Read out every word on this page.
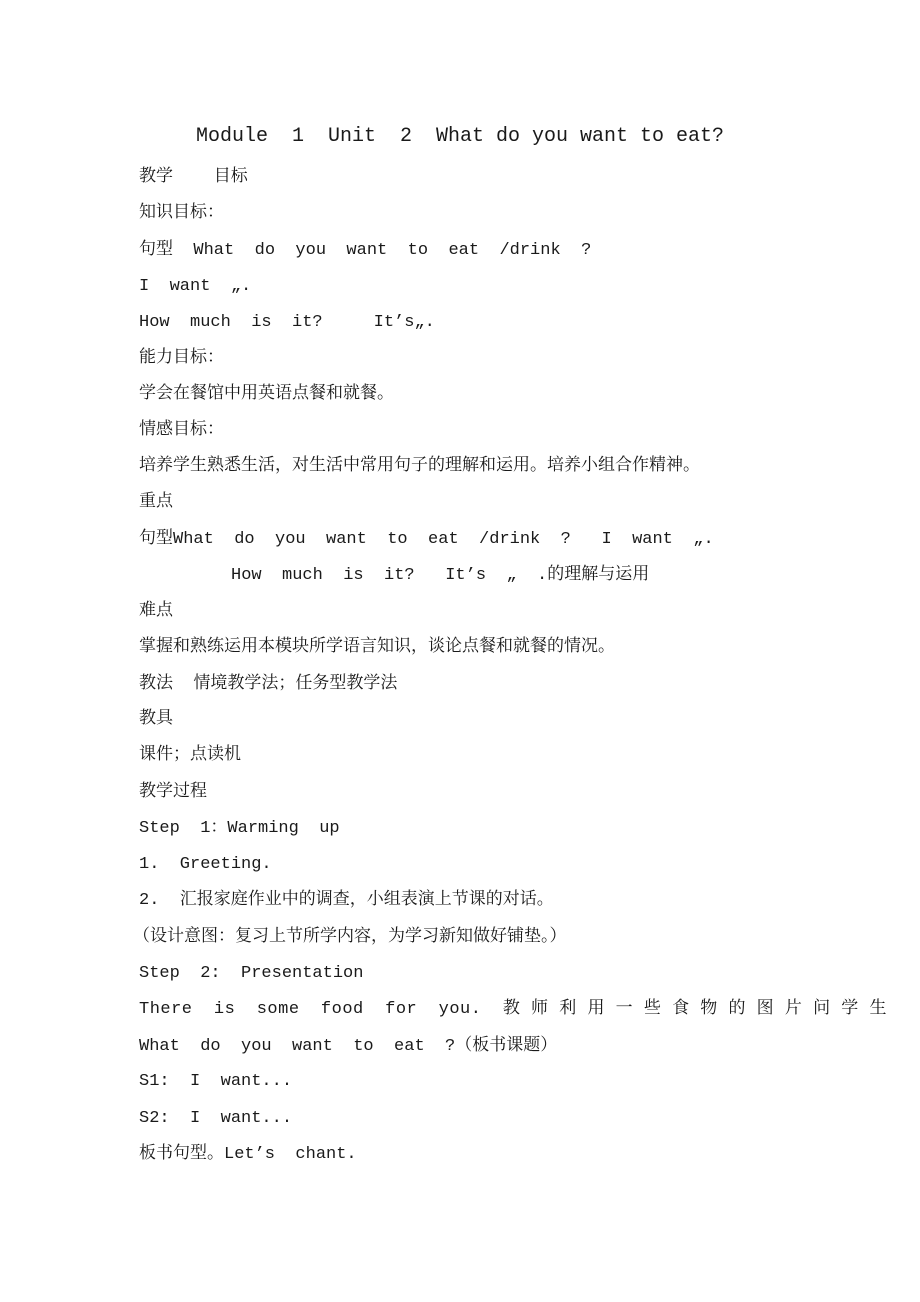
Module  1  Unit  2  What do you want to eat?
教学    目标
知识目标：
句型  What  do  you  want  to  eat  /drink  ?
I  want  „.
How  much  is  it?     It’s„.
能力目标：
学会在餐馆中用英语点餐和就餐。
情感目标：
培养学生熟悉生活，对生活中常用句子的理解和运用。培养小组合作精神。
重点
句型What  do  you  want  to  eat  /drink  ?   I  want  „.
How  much  is  it?   It’s  „  .的理解与运用
难点
掌握和熟练运用本模块所学语言知识，谈论点餐和就餐的情况。
教法  情境教学法；任务型教学法
教具
课件；点读机
教学过程
Step  1：Warming  up
1.  Greeting.
2.  汇报家庭作业中的调查，小组表演上节课的对话。
（设计意图：复习上节所学内容，为学习新知做好铺垫。）
Step  2:  Presentation
There  is  some  food  for  you.  教 师 利 用 一 些 食 物 的 图 片 问 学 生
What  do  you  want  to  eat  ?（板书课题）
S1:  I  want...
S2:  I  want...
板书句型。Let’s  chant.
